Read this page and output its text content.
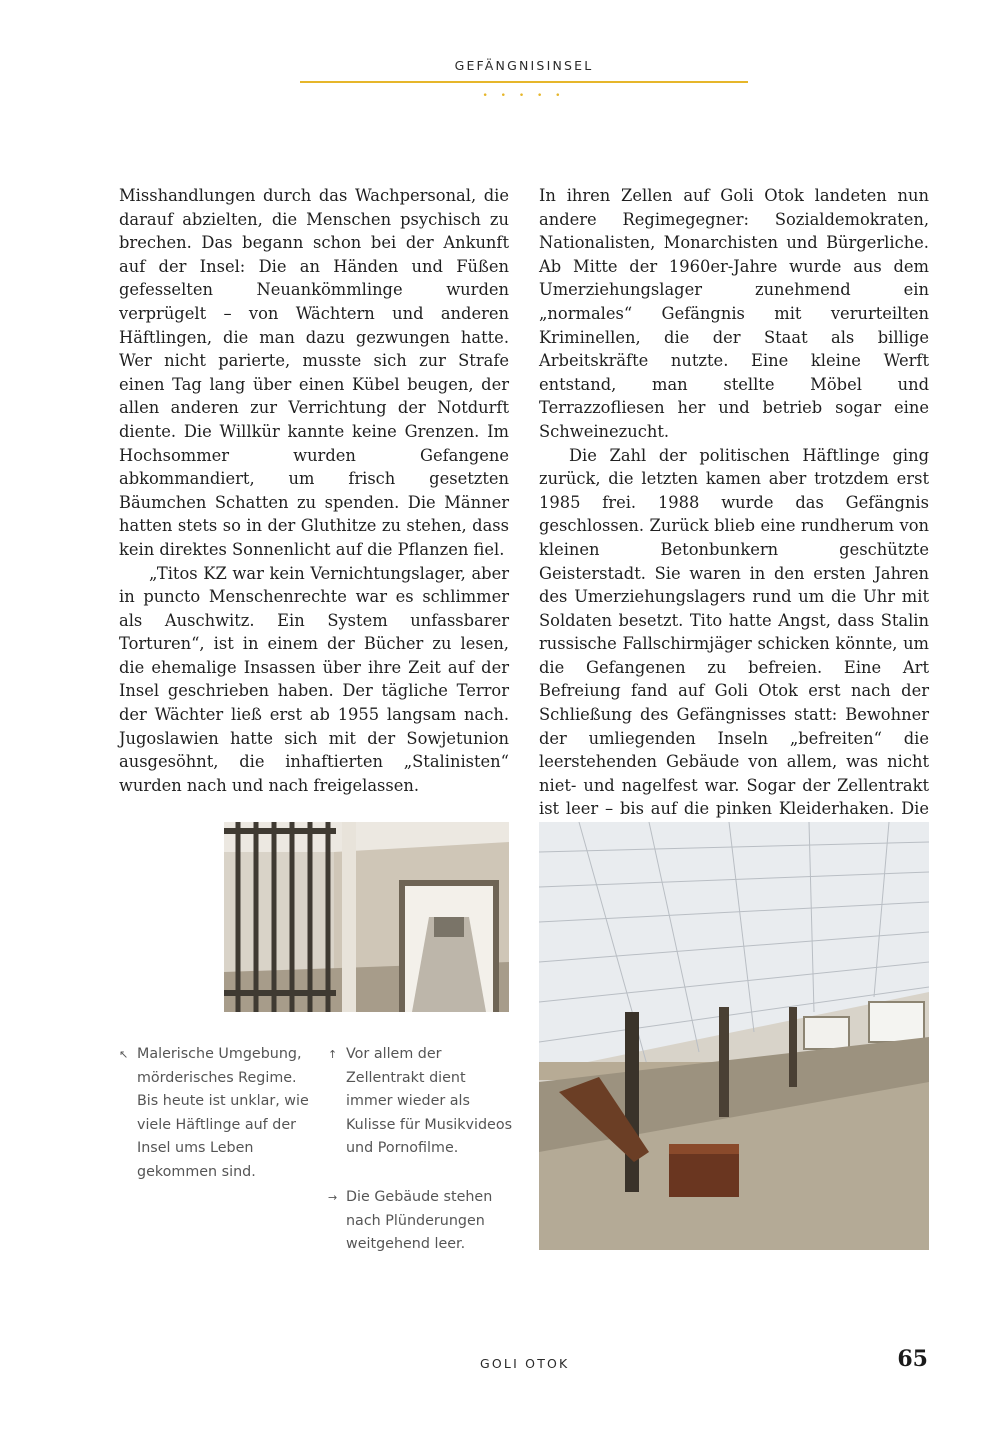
GEFÄNGNISINSEL
• • • • •

Misshandlungen durch das Wachpersonal, die darauf abzielten, die Menschen psychisch zu brechen. Das begann schon bei der Ankunft auf der Insel: Die an Händen und Füßen gefesselten Neuankömmlinge wurden verprügelt – von Wächtern und anderen Häftlingen, die man dazu gezwungen hatte. Wer nicht parierte, musste sich zur Strafe einen Tag lang über einen Kübel beugen, der allen anderen zur Verrichtung der Notdurft diente. Die Willkür kannte keine Grenzen. Im Hochsommer wurden Gefangene abkommandiert, um frisch gesetzten Bäumchen Schatten zu spenden. Die Männer hatten stets so in der Gluthitze zu stehen, dass kein direktes Sonnenlicht auf die Pflanzen fiel.

„Titos KZ war kein Vernichtungslager, aber in puncto Menschenrechte war es schlimmer als Auschwitz. Ein System unfassbarer Torturen“, ist in einem der Bücher zu lesen, die ehemalige Insassen über ihre Zeit auf der Insel geschrieben haben. Der tägliche Terror der Wächter ließ erst ab 1955 langsam nach. Jugoslawien hatte sich mit der Sowjetunion ausgesöhnt, die inhaftierten „Stalinisten“ wurden nach und nach freigelassen.

In ihren Zellen auf Goli Otok landeten nun andere Regimegegner: Sozialdemokraten, Nationalisten, Monarchisten und Bürgerliche. Ab Mitte der 1960er-Jahre wurde aus dem Umerziehungslager zunehmend ein „normales“ Gefängnis mit verurteilten Kriminellen, die der Staat als billige Arbeitskräfte nutzte. Eine kleine Werft entstand, man stellte Möbel und Terrazzofliesen her und betrieb sogar eine Schweinezucht.

Die Zahl der politischen Häftlinge ging zurück, die letzten kamen aber trotzdem erst 1985 frei. 1988 wurde das Gefängnis geschlossen. Zurück blieb eine rundherum von kleinen Betonbunkern geschützte Geisterstadt. Sie waren in den ersten Jahren des Umerziehungslagers rund um die Uhr mit Soldaten besetzt. Tito hatte Angst, dass Stalin russische Fallschirmjäger schicken könnte, um die Gefangenen zu befreien. Eine Art Befreiung fand auf Goli Otok erst nach der Schließung des Gefängnisses statt: Bewohner der umliegenden Inseln „befreiten“ die leerstehenden Gebäude von allem, was nicht niet- und nagelfest war. Sogar der Zellentrakt ist leer – bis auf die pinken Kleiderhaken. Die

↖ Malerische Umgebung, mörderisches Regime. Bis heute ist unklar, wie viele Häftlinge auf der Insel ums Leben gekommen sind.
↑ Vor allem der Zellentrakt dient immer wieder als Kulisse für Musikvideos und Pornofilme.
→ Die Gebäude stehen nach Plünderungen weitgehend leer.
GOLI OTOK	65
